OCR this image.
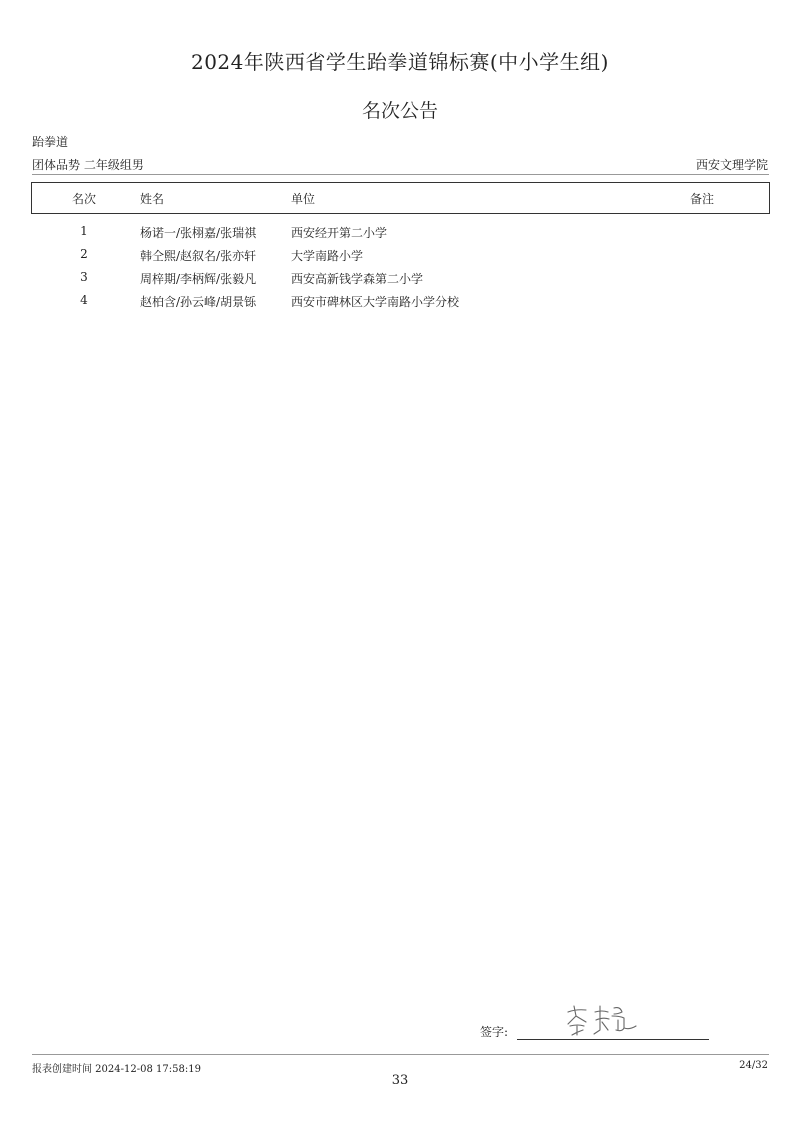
2024年陕西省学生跆拳道锦标赛(中小学生组)
名次公告
跆拳道
团体品势 二年级组男	西安文理学院
名次	姓名	单位	备注
1	杨诺一/张栩嘉/张瑞祺	西安经开第二小学
2	韩仝熙/赵叙名/张亦轩	大学南路小学
3	周梓期/李柄辉/张毅凡	西安高新钱学森第二小学
4	赵柏含/孙云峰/胡景铄	西安市碑林区大学南路小学分校
签字:
报表创建时间 2024-12-08 17:58:19	24/32
33
